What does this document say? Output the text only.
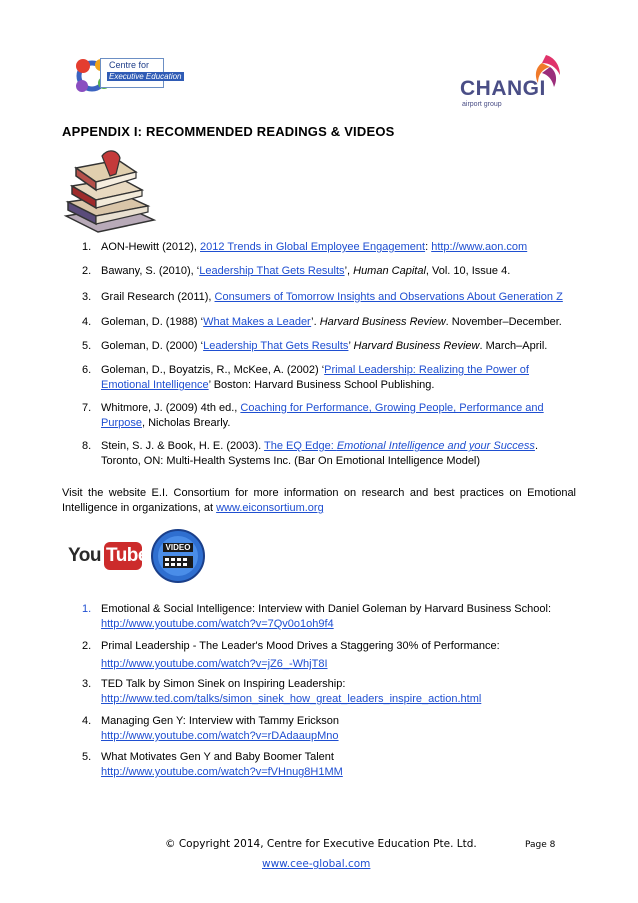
Centre for
Executive Education
CHANGI
airport group
APPENDIX I: RECOMMENDED READINGS & VIDEOS
1. AON-Hewitt (2012), 2012 Trends in Global Employee Engagement: http://www.aon.com
2. Bawany, S. (2010), ‘Leadership That Gets Results’, Human Capital, Vol. 10, Issue 4.
3. Grail Research (2011), Consumers of Tomorrow Insights and Observations About Generation Z
4. Goleman, D. (1988) ‘What Makes a Leader’. Harvard Business Review. November–December.
5. Goleman, D. (2000) ‘Leadership That Gets Results’ Harvard Business Review. March–April.
6. Goleman, D., Boyatzis, R., McKee, A. (2002) ‘Primal Leadership: Realizing the Power of Emotional Intelligence’ Boston: Harvard Business School Publishing.
7. Whitmore, J. (2009) 4th ed., Coaching for Performance, Growing People, Performance and Purpose, Nicholas Brearly.
8. Stein, S. J. & Book, H. E. (2003). The EQ Edge: Emotional Intelligence and your Success. Toronto, ON: Multi-Health Systems Inc. (Bar On Emotional Intelligence Model)
Visit the website E.I. Consortium for more information on research and best practices on Emotional Intelligence in organizations, at www.eiconsortium.org
You Tube	VIDEO
1. Emotional & Social Intelligence: Interview with Daniel Goleman by Harvard Business School:
http://www.youtube.com/watch?v=7Qv0o1oh9f4
2. Primal Leadership - The Leader's Mood Drives a Staggering 30% of Performance:
http://www.youtube.com/watch?v=jZ6_-WhjT8I
3. TED Talk by Simon Sinek on Inspiring Leadership:
http://www.ted.com/talks/simon_sinek_how_great_leaders_inspire_action.html
4. Managing Gen Y: Interview with Tammy Erickson
http://www.youtube.com/watch?v=rDAdaaupMno
5. What Motivates Gen Y and Baby Boomer Talent
http://www.youtube.com/watch?v=fVHnug8H1MM
© Copyright 2014, Centre for Executive Education Pte. Ltd.	Page 8
www.cee-global.com
